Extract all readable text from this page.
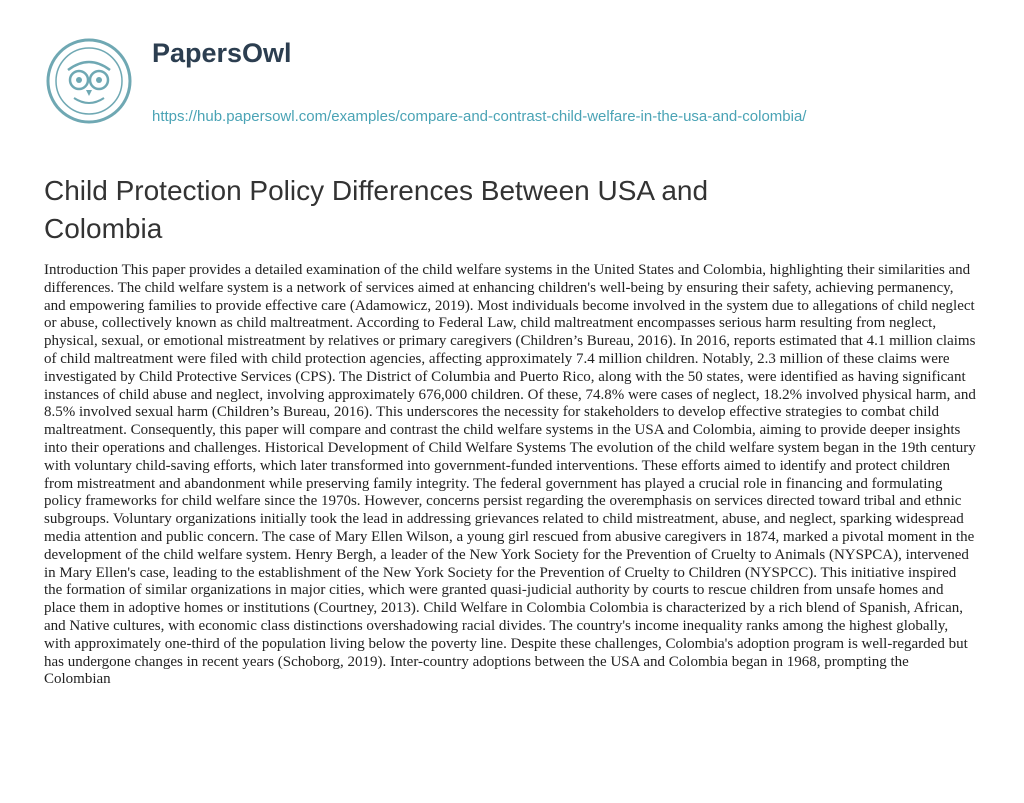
PapersOwl
https://hub.papersowl.com/examples/compare-and-contrast-child-welfare-in-the-usa-and-colombia/
Child Protection Policy Differences Between USA and Colombia

Introduction This paper provides a detailed examination of the child welfare systems in the United States and Colombia, highlighting their similarities and differences. The child welfare system is a network of services aimed at enhancing children's well-being by ensuring their safety, achieving permanency, and empowering families to provide effective care (Adamowicz, 2019). Most individuals become involved in the system due to allegations of child neglect or abuse, collectively known as child maltreatment. According to Federal Law, child maltreatment encompasses serious harm resulting from neglect, physical, sexual, or emotional mistreatment by relatives or primary caregivers (Children’s Bureau, 2016). In 2016, reports estimated that 4.1 million claims of child maltreatment were filed with child protection agencies, affecting approximately 7.4 million children. Notably, 2.3 million of these claims were investigated by Child Protective Services (CPS). The District of Columbia and Puerto Rico, along with the 50 states, were identified as having significant instances of child abuse and neglect, involving approximately 676,000 children. Of these, 74.8% were cases of neglect, 18.2% involved physical harm, and 8.5% involved sexual harm (Children’s Bureau, 2016). This underscores the necessity for stakeholders to develop effective strategies to combat child maltreatment. Consequently, this paper will compare and contrast the child welfare systems in the USA and Colombia, aiming to provide deeper insights into their operations and challenges. Historical Development of Child Welfare Systems The evolution of the child welfare system began in the 19th century with voluntary child-saving efforts, which later transformed into government-funded interventions. These efforts aimed to identify and protect children from mistreatment and abandonment while preserving family integrity. The federal government has played a crucial role in financing and formulating policy frameworks for child welfare since the 1970s. However, concerns persist regarding the overemphasis on services directed toward tribal and ethnic subgroups. Voluntary organizations initially took the lead in addressing grievances related to child mistreatment, abuse, and neglect, sparking widespread media attention and public concern. The case of Mary Ellen Wilson, a young girl rescued from abusive caregivers in 1874, marked a pivotal moment in the development of the child welfare system. Henry Bergh, a leader of the New York Society for the Prevention of Cruelty to Animals (NYSPCA), intervened in Mary Ellen's case, leading to the establishment of the New York Society for the Prevention of Cruelty to Children (NYSPCC). This initiative inspired the formation of similar organizations in major cities, which were granted quasi-judicial authority by courts to rescue children from unsafe homes and place them in adoptive homes or institutions (Courtney, 2013). Child Welfare in Colombia Colombia is characterized by a rich blend of Spanish, African, and Native cultures, with economic class distinctions overshadowing racial divides. The country's income inequality ranks among the highest globally, with approximately one-third of the population living below the poverty line. Despite these challenges, Colombia's adoption program is well-regarded but has undergone changes in recent years (Schoborg, 2019). Inter-country adoptions between the USA and Colombia began in 1968, prompting the Colombian
